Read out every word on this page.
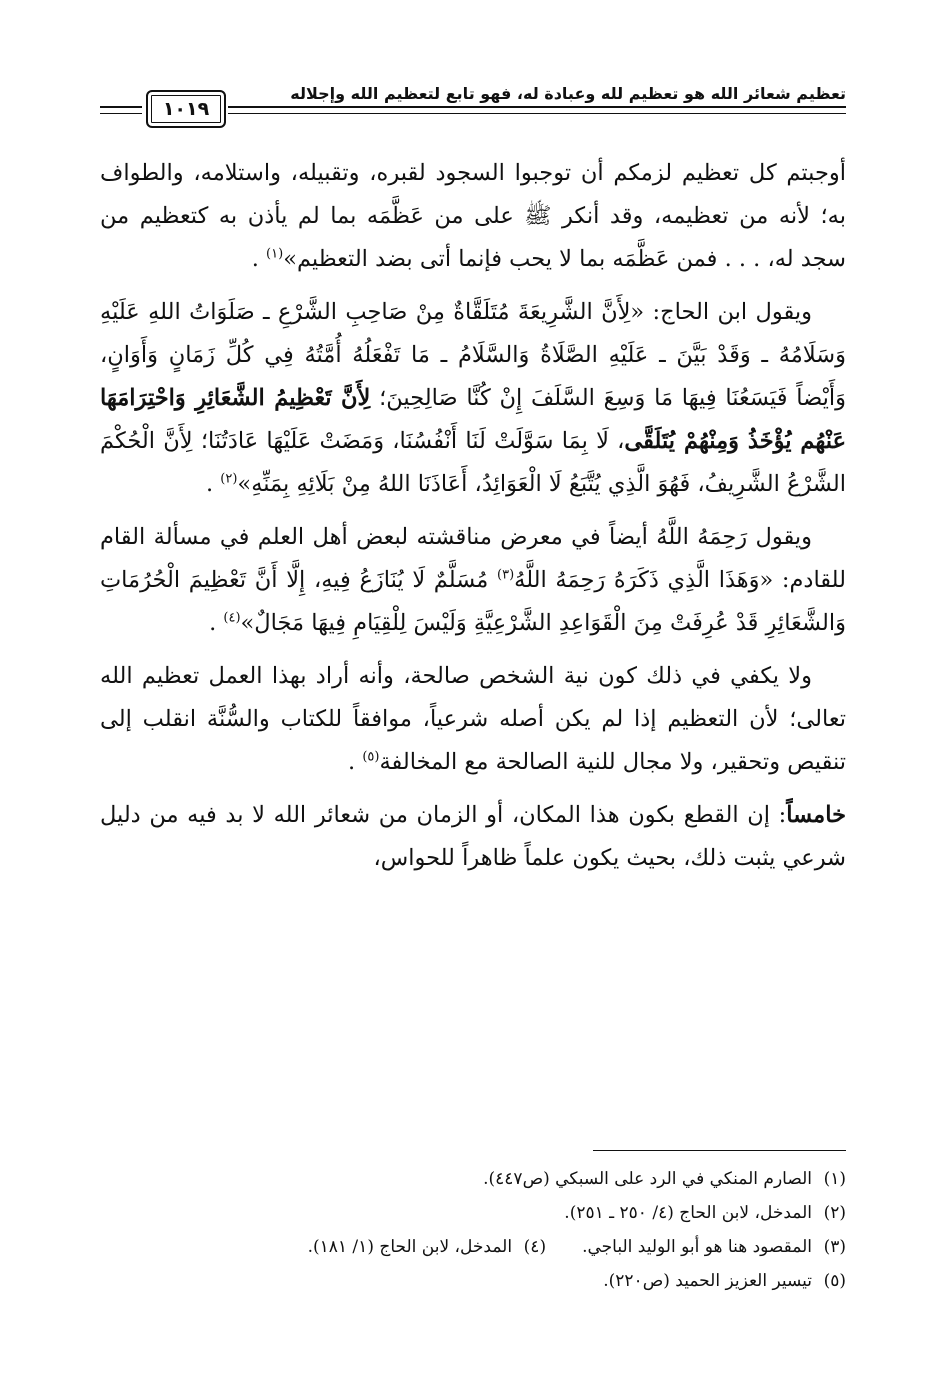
تعظيم شعائر الله هو تعظيم لله وعبادة له، فهو تابع لتعظيم الله وإجلاله
١٠١٩

أوجبتم كل تعظيم لزمكم أن توجبوا السجود لقبره، وتقبيله، واستلامه، والطواف به؛ لأنه من تعظيمه، وقد أنكر ﷺ على من عَظَّمَه بما لم يأذن به كتعظيم من سجد له، . . . فمن عَظَّمَه بما لا يحب فإنما أتى بضد التعظيم»$^{(١)}$ .

ويقول ابن الحاج: «لِأَنَّ الشَّرِيعَةَ مُتَلَقَّاةٌ مِنْ صَاحِبِ الشَّرْعِ ـ صَلَوَاتُ اللهِ عَلَيْهِ وَسَلَامُهُ ـ وَقَدْ بَيَّنَ ـ عَلَيْهِ الصَّلَاةُ وَالسَّلَامُ ـ مَا تَفْعَلُهُ أُمَّتُهُ فِي كُلِّ زَمَانٍ وَأَوَانٍ، وَأَيْضاً فَيَسَعُنَا فِيهَا مَا وَسِعَ السَّلَفَ إِنْ كُنَّا صَالِحِينَ؛ لِأَنَّ تَعْظِيمُ الشَّعَائِرِ وَاحْتِرَامَهَا عَنْهُم يُؤْخَذُ وَمِنْهُمْ يُتَلَقَّى، لَا بِمَا سَوَّلَتْ لَنَا أَنْفُسُنَا، وَمَضَتْ عَلَيْهَا عَادَتُنَا؛ لِأَنَّ الْحُكْمَ الشَّرْعُ الشَّرِيفُ، فَهُوَ الَّذِي يُتَّبَعُ لَا الْعَوَائِدُ، أَعَاذَنَا اللهُ مِنْ بَلَائِهِ بِمَنِّهِ»$^{(٢)}$ .

ويقول رَحِمَهُ اللَّهُ أيضاً في معرض مناقشته لبعض أهل العلم في مسألة القام للقادم: «وَهَذَا الَّذِي ذَكَرَهُ رَحِمَهُ اللَّهُ$^{(٣)}$ مُسَلَّمٌ لَا يُنَازَعُ فِيهِ، إِلَّا أَنَّ تَعْظِيمَ الْحُرُمَاتِ وَالشَّعَائِرِ قَدْ عُرِفَتْ مِنَ الْقَوَاعِدِ الشَّرْعِيَّةِ وَلَيْسَ لِلْقِيَامِ فِيهَا مَجَالٌ»$^{(٤)}$ .

ولا يكفي في ذلك كون نية الشخص صالحة، وأنه أراد بهذا العمل تعظيم الله تعالى؛ لأن التعظيم إذا لم يكن أصله شرعياً، موافقاً للكتاب والسُّنَّة انقلب إلى تنقيص وتحقير، ولا مجال للنية الصالحة مع المخالفة$^{(٥)}$ .

خامساً: إن القطع بكون هذا المكان، أو الزمان من شعائر الله لا بد فيه من دليل شرعي يثبت ذلك، بحيث يكون علماً ظاهراً للحواس،

(١)الصارم المنكي في الرد على السبكي (ص٤٤٧).
(٢)المدخل، لابن الحاج (٤/ ٢٥٠ ـ ٢٥١).
(٣)المقصود هنا هو أبو الوليد الباجي.(٤)المدخل، لابن الحاج (١/ ١٨١).
(٥)تيسير العزيز الحميد (ص٢٢٠).
